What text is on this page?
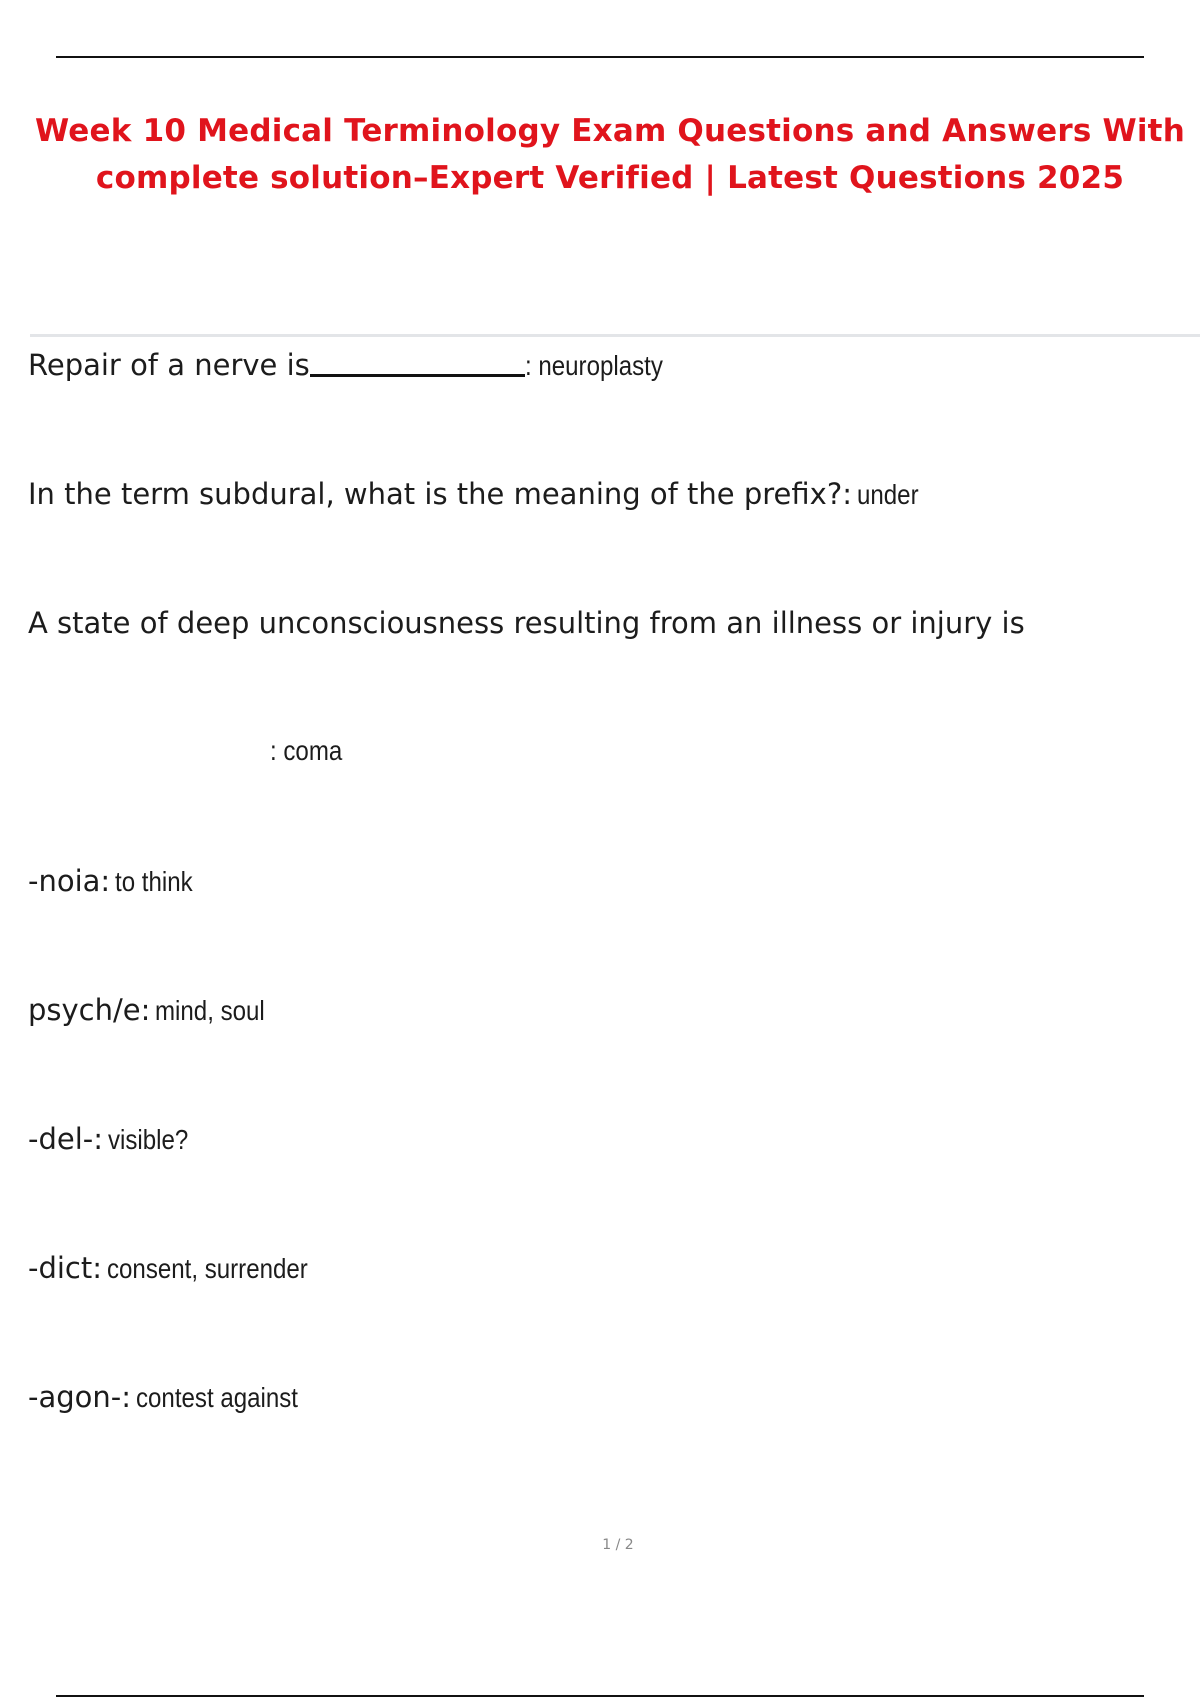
Week 10 Medical Terminology Exam Questions and Answers With
complete solution–Expert Verified | Latest Questions 2025
Repair of a nerve is	: neuroplasty
In the term subdural, what is the meaning of the prefix?: under
A state of deep unconsciousness resulting from an illness or injury is
: coma
-noia: to think
psych/e: mind, soul
-del-: visible?
-dict: consent, surrender
-agon-: contest against
1 / 2
